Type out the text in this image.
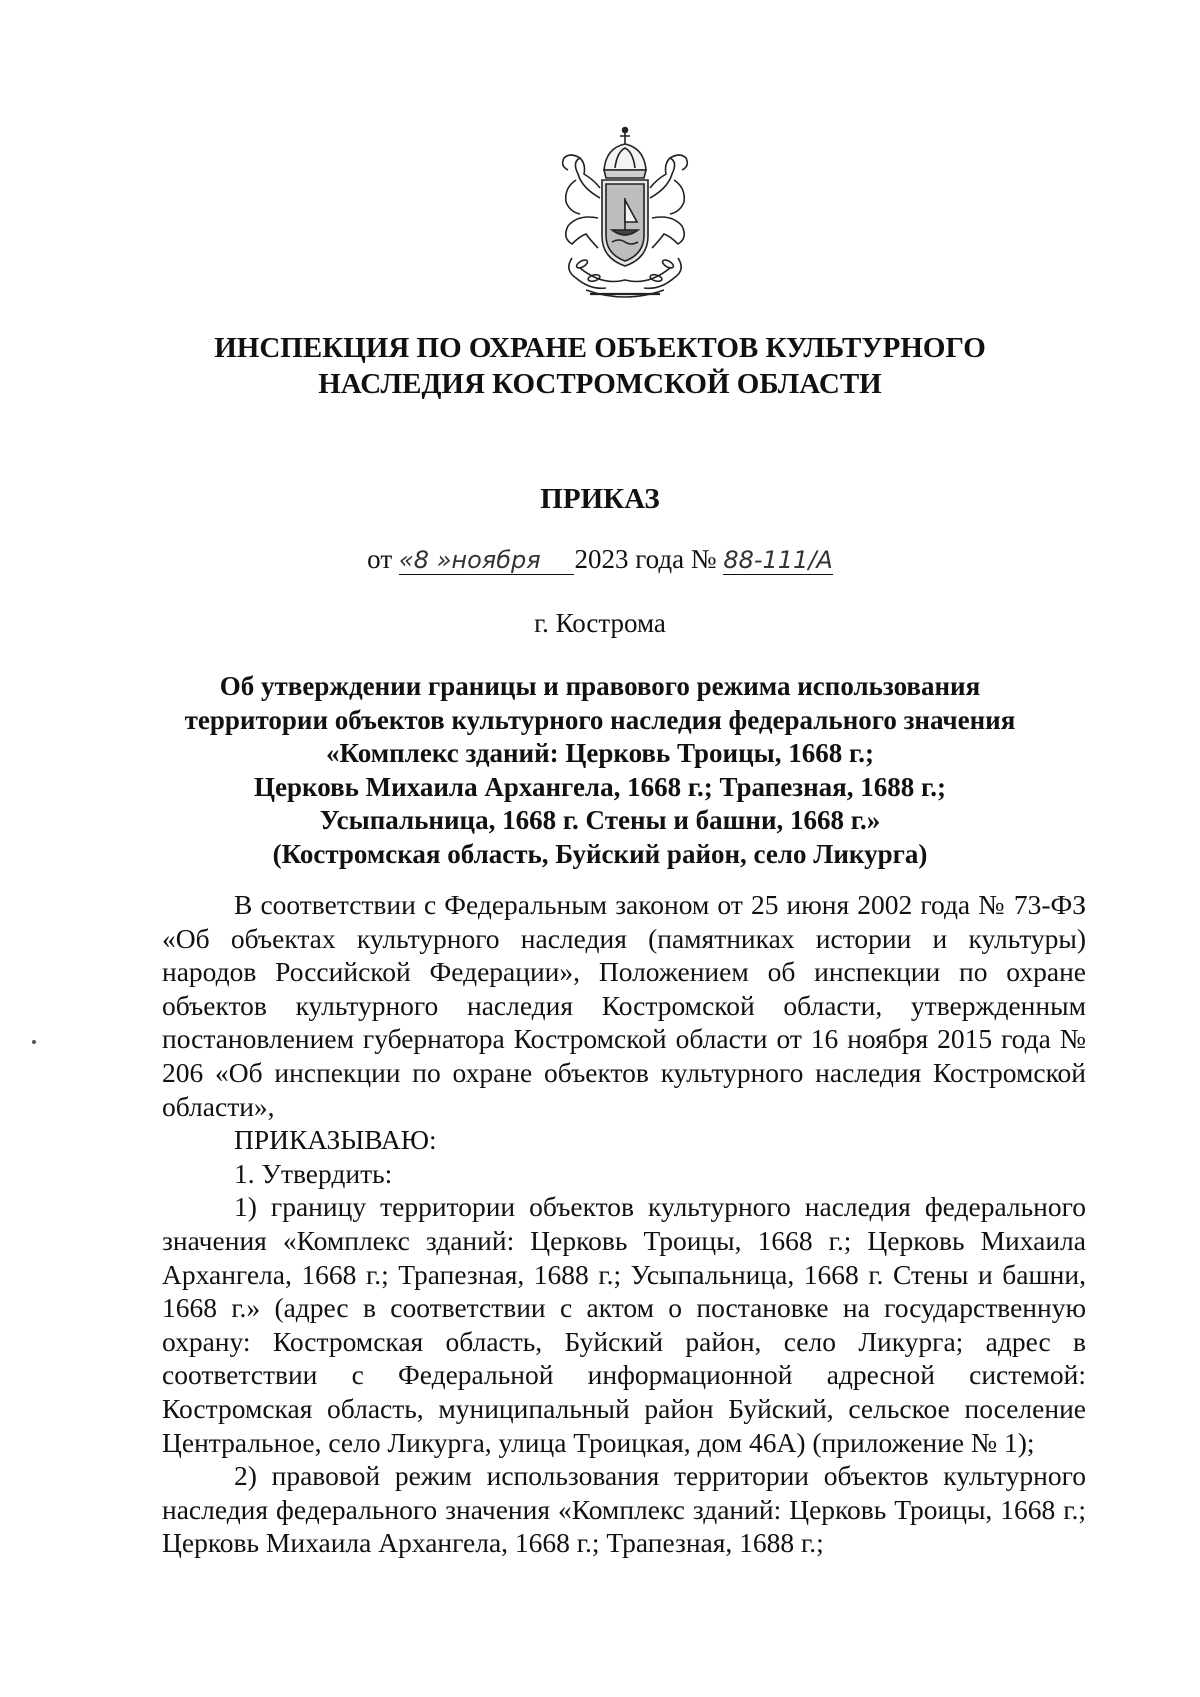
ИНСПЕКЦИЯ ПО ОХРАНЕ ОБЪЕКТОВ КУЛЬТУРНОГО
НАСЛЕДИЯ КОСТРОМСКОЙ ОБЛАСТИ
ПРИКАЗ
от «8 »ноября 2023 года № 88-111/А
г. Кострома
Об утверждении границы и правового режима использования
территории объектов культурного наследия федерального значения
«Комплекс зданий: Церковь Троицы, 1668 г.;
Церковь Михаила Архангела, 1668 г.; Трапезная, 1688 г.;
Усыпальница, 1668 г. Стены и башни, 1668 г.»
(Костромская область, Буйский район, село Ликурга)

В соответствии с Федеральным законом от 25 июня 2002 года № 73-ФЗ «Об объектах культурного наследия (памятниках истории и культуры) народов Российской Федерации», Положением об инспекции по охране объектов культурного наследия Костромской области, утвержденным постановлением губернатора Костромской области от 16 ноября 2015 года № 206 «Об инспекции по охране объектов культурного наследия Костромской области»,

ПРИКАЗЫВАЮ:

1. Утвердить:

1) границу территории объектов культурного наследия федерального значения «Комплекс зданий: Церковь Троицы, 1668 г.; Церковь Михаила Архангела, 1668 г.; Трапезная, 1688 г.; Усыпальница, 1668 г. Стены и башни, 1668 г.» (адрес в соответствии с актом о постановке на государственную охрану: Костромская область, Буйский район, село Ликурга; адрес в соответствии с Федеральной информационной адресной системой: Костромская область, муниципальный район Буйский, сельское поселение Центральное, село Ликурга, улица Троицкая, дом 46А) (приложение № 1);

2) правовой режим использования территории объектов культурного наследия федерального значения «Комплекс зданий: Церковь Троицы, 1668 г.; Церковь Михаила Архангела, 1668 г.; Трапезная, 1688 г.;
